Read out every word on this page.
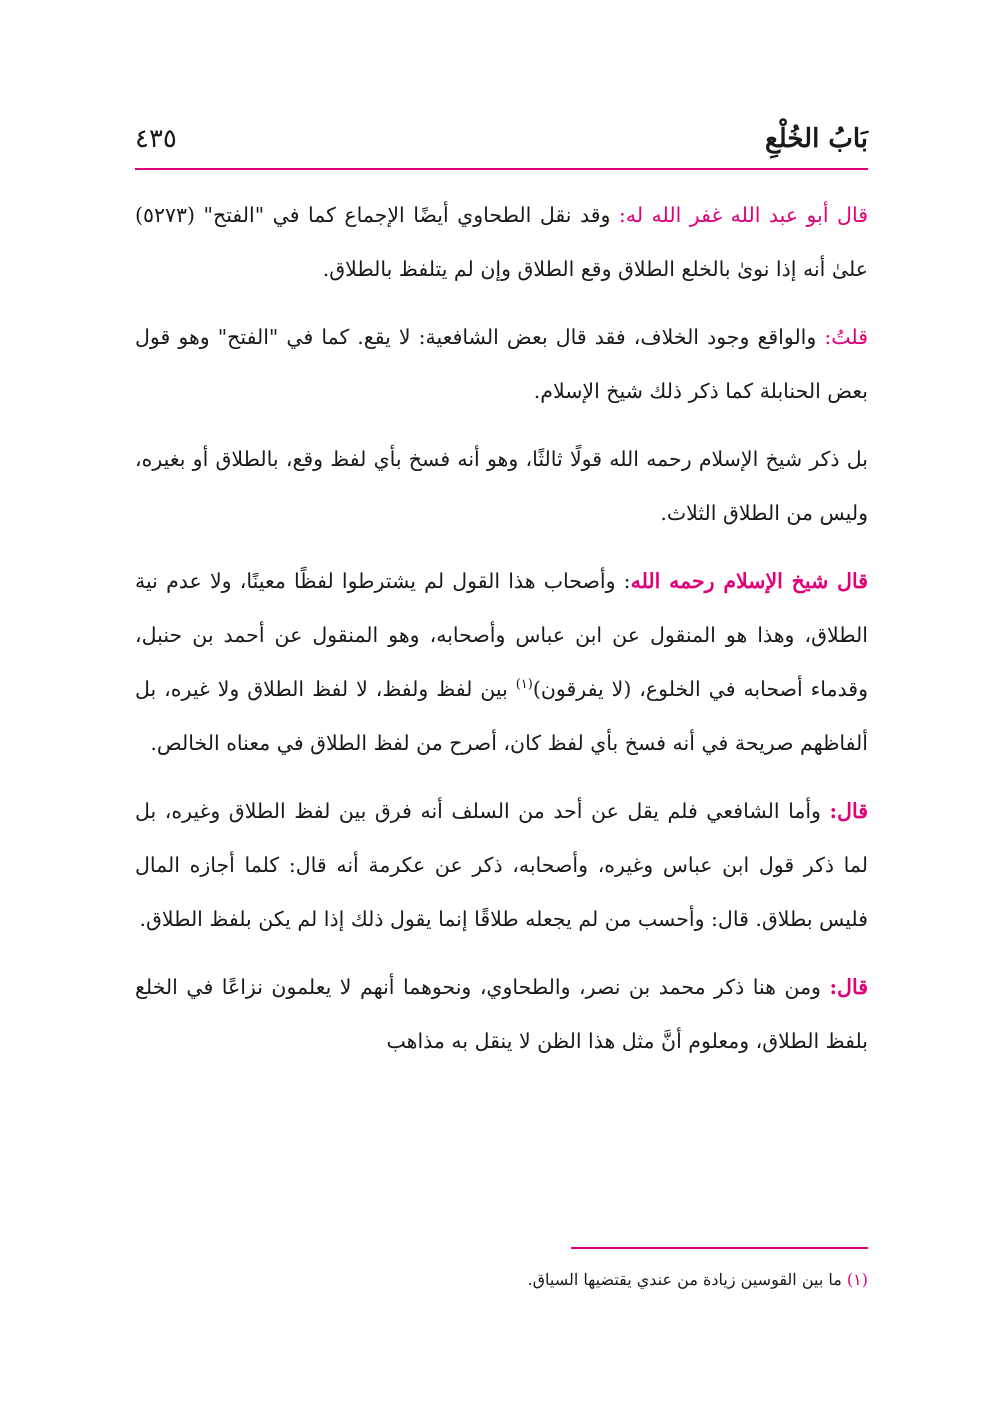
بَابُ الخُلْعِ
٤٣٥

قال أبو عبد الله غفر الله له: وقد نقل الطحاوي أيضًا الإجماع كما في "الفتح" (٥٢٧٣) علىٰ أنه إذا نوىٰ بالخلع الطلاق وقع الطلاق وإن لم يتلفظ بالطلاق.

قلتُ: والواقع وجود الخلاف، فقد قال بعض الشافعية: لا يقع. كما في "الفتح" وهو قول بعض الحنابلة كما ذكر ذلك شيخ الإسلام.

بل ذكر شيخ الإسلام رحمه الله قولًا ثالثًا، وهو أنه فسخ بأي لفظ وقع، بالطلاق أو بغيره، وليس من الطلاق الثلاث.

قال شيخ الإسلام رحمه الله: وأصحاب هذا القول لم يشترطوا لفظًا معينًا، ولا عدم نية الطلاق، وهذا هو المنقول عن ابن عباس وأصحابه، وهو المنقول عن أحمد بن حنبل، وقدماء أصحابه في الخلوع، (لا يفرقون)$^{(١)}$ بين لفظ ولفظ، لا لفظ الطلاق ولا غيره، بل ألفاظهم صريحة في أنه فسخ بأي لفظ كان، أصرح من لفظ الطلاق في معناه الخالص.

قال: وأما الشافعي فلم يقل عن أحد من السلف أنه فرق بين لفظ الطلاق وغيره، بل لما ذكر قول ابن عباس وغيره، وأصحابه، ذكر عن عكرمة أنه قال: كلما أجازه المال فليس بطلاق. قال: وأحسب من لم يجعله طلاقًا إنما يقول ذلك إذا لم يكن بلفظ الطلاق.

قال: ومن هنا ذكر محمد بن نصر، والطحاوي، ونحوهما أنهم لا يعلمون نزاعًا في الخلع بلفظ الطلاق، ومعلوم أنَّ مثل هذا الظن لا ينقل به مذاهب

(١) ما بين القوسين زيادة من عندي يقتضيها السياق.
